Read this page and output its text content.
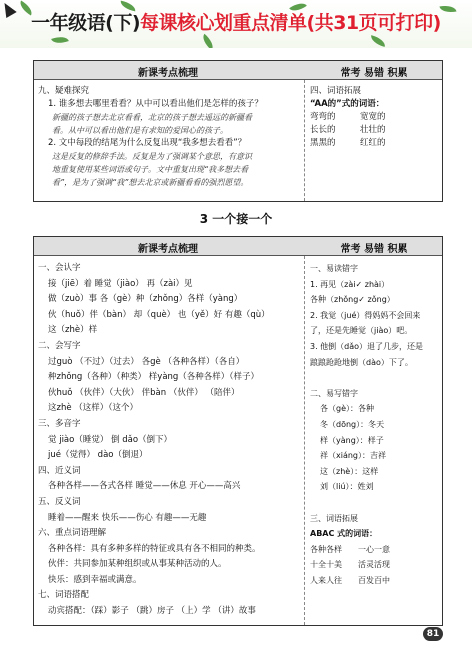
一年级语(下)每课核心划重点清单(共31页可打印)
新课考点梳理	常考 易错 积累
九、疑难探究
1. 谁多想去哪里看看？从中可以看出他们是怎样的孩子？
新疆的孩子想去北京看看，北京的孩子想去遥远的新疆看
看。从中可以看出他们是有求知的爱国心的孩子。
2. 文中每段的结尾为什么反复出现“我多想去看看”？
这是反复的修辞手法。反复是为了强调某个意思，有意识
地重复使用某些词语或句子。文中重复出现“我多想去看
看”，是为了强调“我”想去北京或新疆看看的强烈愿望。
四、词语拓展
“AA的”式的词语：
弯弯的	宽宽的
长长的	壮壮的
黑黑的	红红的
3 一个接一个
新课考点梳理	常考 易错 积累
一、会认字
接（jiē）着 睡觉（jiào） 再（zài）见
做（zuò）事 各（gè）种（zhǒng）各样（yàng）
伙（huǒ）伴（bàn） 却（què） 也（yě）好 有趣（qù）
这（zhè）样
二、会写字
过guò （不过）（过去） 各gè （各种各样）（各自）
种zhǒng（各种）（种类） 样yàng（各种各样）（样子）
伙huǒ （伙伴）（大伙） 伴bàn （伙伴） （陪伴）
这zhè （这样）（这个）
三、多音字
觉 jiào（睡觉） 倒 dǎo（倒下）
jué（觉得） dào（倒退）
四、近义词
各种各样——各式各样 睡觉——休息 开心——高兴
五、反义词
睡着——醒来 快乐——伤心 有趣——无趣
六、重点词语理解
各种各样：具有多种多样的特征或具有各不相同的种类。
伙伴：共同参加某种组织或从事某种活动的人。
快乐：感到幸福或满意。
七、词语搭配
动宾搭配：（踩）影子 （跳）房子 （上）学 （讲）故事
一、易读错字
1. 再见（zài✓ zhài）
各种（zhǒng✓ zǒng）
2. 我觉（jué）得妈妈不会回来
了，还是先睡觉（jiào）吧。
3. 他倒（dǎo）退了几步，还是
踉踉跄跄地倒（dào）下了。
二、易写错字
各（gè）：各种
冬（dōng）：冬天
样（yàng）：样子
祥（xiáng）：吉祥
这（zhè）：这样
刘（liú）：姓刘
三、词语拓展
ABAC 式的词语：
各种各样 一心一意
十全十美 活灵活现
人来人往 百发百中
81
